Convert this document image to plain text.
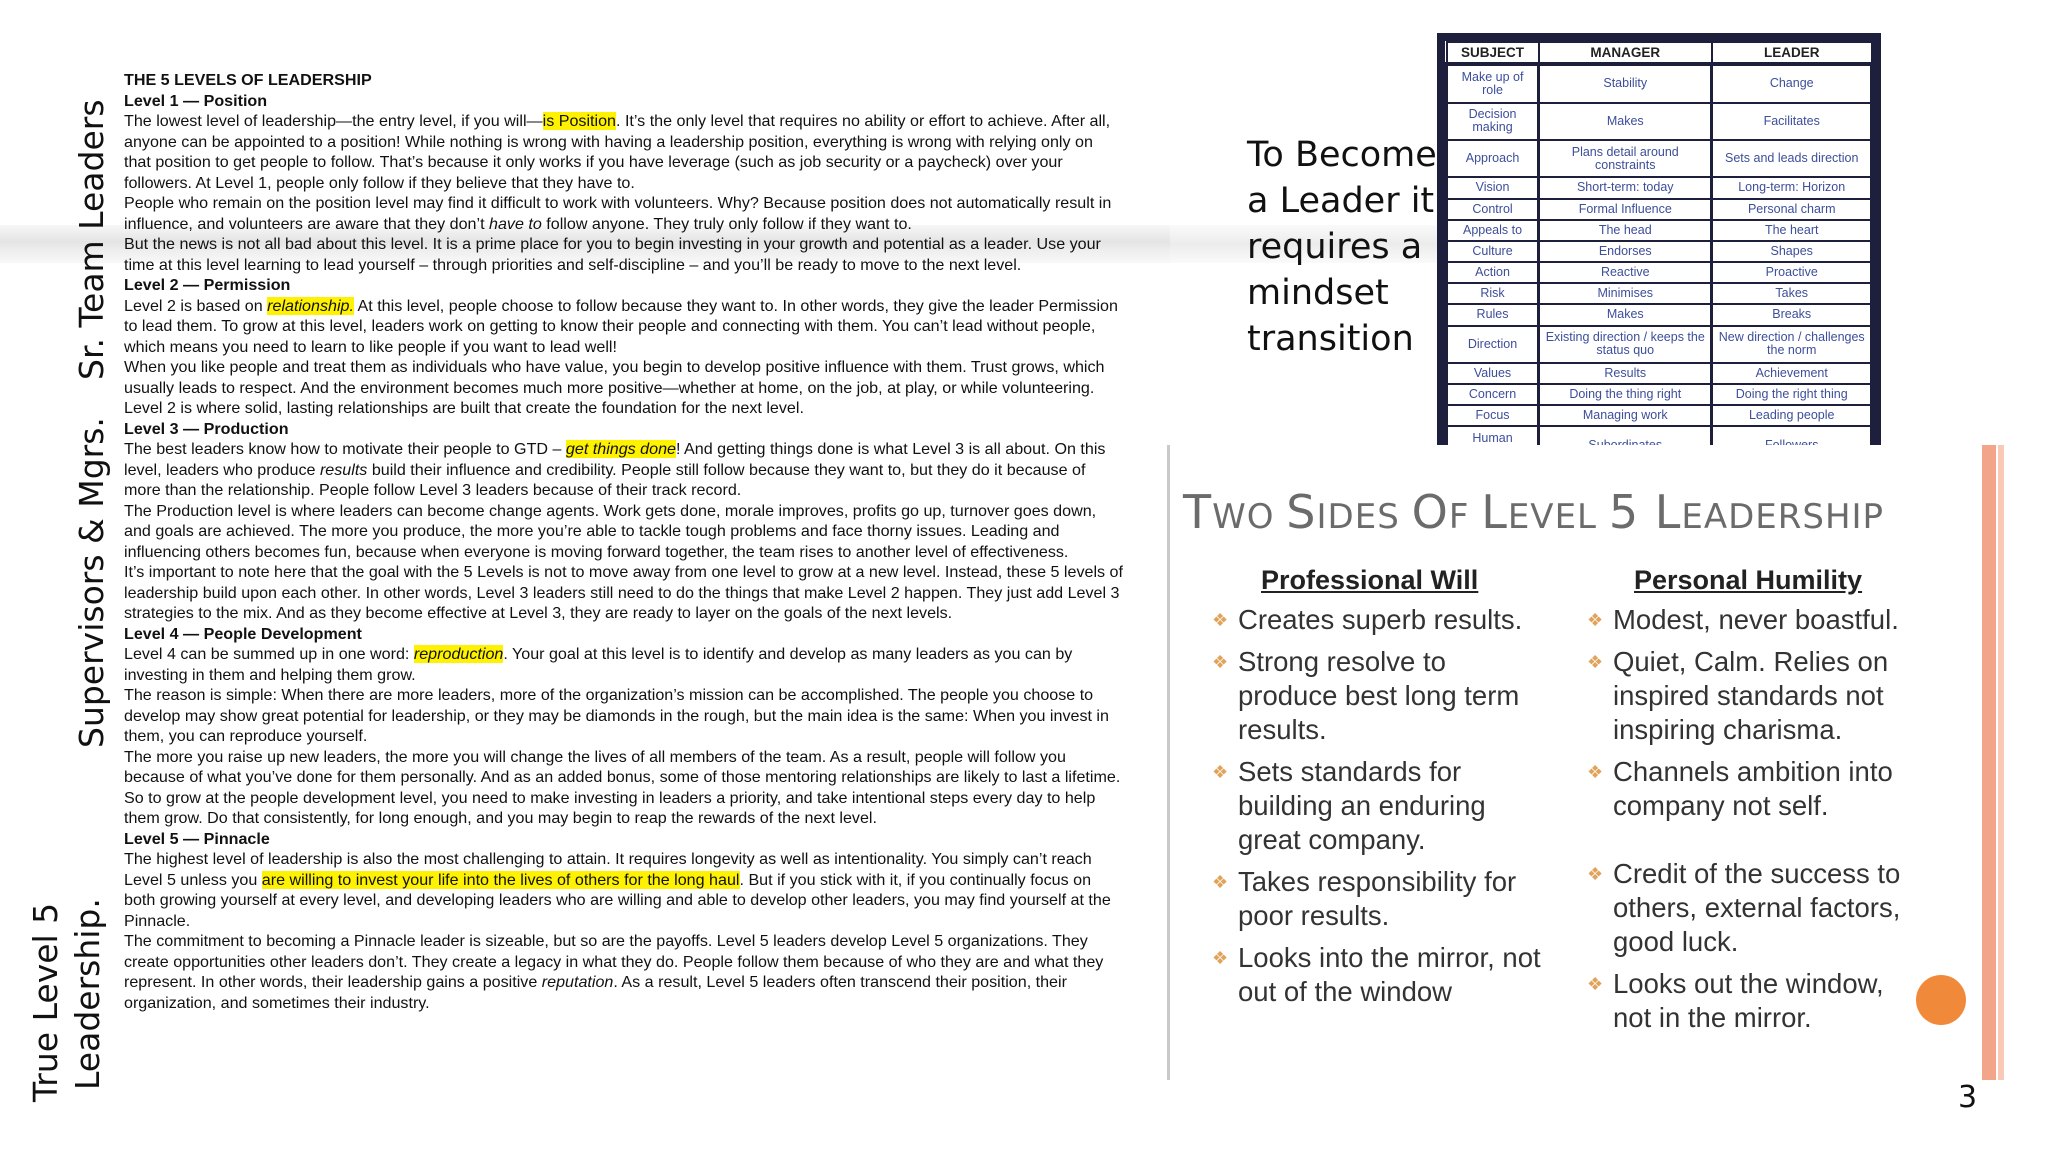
Sr. Team Leaders
Supervisors & Mgrs.
True Level 5 Leadership.

THE 5 LEVELS OF LEADERSHIP

Level 1 — Position

The lowest level of leadership—the entry level, if you will—is Position. It’s the only level that requires no ability or effort to achieve. After all, anyone can be appointed to a position! While nothing is wrong with having a leadership position, everything is wrong with relying only on that position to get people to follow. That’s because it only works if you have leverage (such as job security or a paycheck) over your followers. At Level 1, people only follow if they believe that they have to.

People who remain on the position level may find it difficult to work with volunteers. Why? Because position does not automatically result in influence, and volunteers are aware that they don’t have to follow anyone. They truly only follow if they want to.

But the news is not all bad about this level. It is a prime place for you to begin investing in your growth and potential as a leader. Use your time at this level learning to lead yourself – through priorities and self-discipline – and you’ll be ready to move to the next level.

Level 2 — Permission

Level 2 is based on relationship. At this level, people choose to follow because they want to. In other words, they give the leader Permission to lead them. To grow at this level, leaders work on getting to know their people and connecting with them. You can’t lead without people, which means you need to learn to like people if you want to lead well!

When you like people and treat them as individuals who have value, you begin to develop positive influence with them. Trust grows, which usually leads to respect. And the environment becomes much more positive—whether at home, on the job, at play, or while volunteering. Level 2 is where solid, lasting relationships are built that create the foundation for the next level.

Level 3 — Production

The best leaders know how to motivate their people to GTD – get things done! And getting things done is what Level 3 is all about. On this level, leaders who produce results build their influence and credibility. People still follow because they want to, but they do it because of more than the relationship. People follow Level 3 leaders because of their track record.

The Production level is where leaders can become change agents. Work gets done, morale improves, profits go up, turnover goes down, and goals are achieved. The more you produce, the more you’re able to tackle tough problems and face thorny issues. Leading and influencing others becomes fun, because when everyone is moving forward together, the team rises to another level of effectiveness.

It’s important to note here that the goal with the 5 Levels is not to move away from one level to grow at a new level. Instead, these 5 levels of leadership build upon each other. In other words, Level 3 leaders still need to do the things that make Level 2 happen. They just add Level 3 strategies to the mix. And as they become effective at Level 3, they are ready to layer on the goals of the next levels.

Level 4 — People Development

Level 4 can be summed up in one word: reproduction. Your goal at this level is to identify and develop as many leaders as you can by investing in them and helping them grow.

The reason is simple: When there are more leaders, more of the organization’s mission can be accomplished. The people you choose to develop may show great potential for leadership, or they may be diamonds in the rough, but the main idea is the same: When you invest in them, you can reproduce yourself.

The more you raise up new leaders, the more you will change the lives of all members of the team. As a result, people will follow you because of what you’ve done for them personally. And as an added bonus, some of those mentoring relationships are likely to last a lifetime.

So to grow at the people development level, you need to make investing in leaders a priority, and take intentional steps every day to help them grow. Do that consistently, for long enough, and you may begin to reap the rewards of the next level.

Level 5 — Pinnacle

The highest level of leadership is also the most challenging to attain. It requires longevity as well as intentionality. You simply can’t reach Level 5 unless you are willing to invest your life into the lives of others for the long haul. But if you stick with it, if you continually focus on both growing yourself at every level, and developing leaders who are willing and able to develop other leaders, you may find yourself at the Pinnacle.

The commitment to becoming a Pinnacle leader is sizeable, but so are the payoffs. Level 5 leaders develop Level 5 organizations. They create opportunities other leaders don’t. They create a legacy in what they do. People follow them because of who they are and what they represent. In other words, their leadership gains a positive reputation. As a result, Level 5 leaders often transcend their position, their organization, and sometimes their industry.

To Become
a Leader it
requires a
mindset
transition
SUBJECT	MANAGER	LEADER
Make up of role	Stability	Change
Decision making	Makes	Facilitates
Approach	Plans detail around constraints	Sets and leads direction
Vision	Short-term: today	Long-term: Horizon
Control	Formal Influence	Personal charm
Appeals to	The head	The heart
Culture	Endorses	Shapes
Action	Reactive	Proactive
Risk	Minimises	Takes
Rules	Makes	Breaks
Direction	Existing direction / keeps the status quo	New direction / challenges the norm
Values	Results	Achievement
Concern	Doing the thing right	Doing the right thing
Focus	Managing work	Leading people
Human		
TWO SIDES OF LEVEL 5 LEADERSHIP
Professional Will	Personal Humility
❖ Creates superb results.
❖ Strong resolve to produce best long term results.
❖ Sets standards for building an enduring great company.
❖ Takes responsibility for poor results.
❖ Looks into the mirror, not out of the window
❖ Modest, never boastful.
❖ Quiet, Calm. Relies on inspired standards not inspiring charisma.
❖ Channels ambition into company not self.
❖ Credit of the success to others, external factors, good luck.
❖ Looks out the window, not in the mirror.
3
